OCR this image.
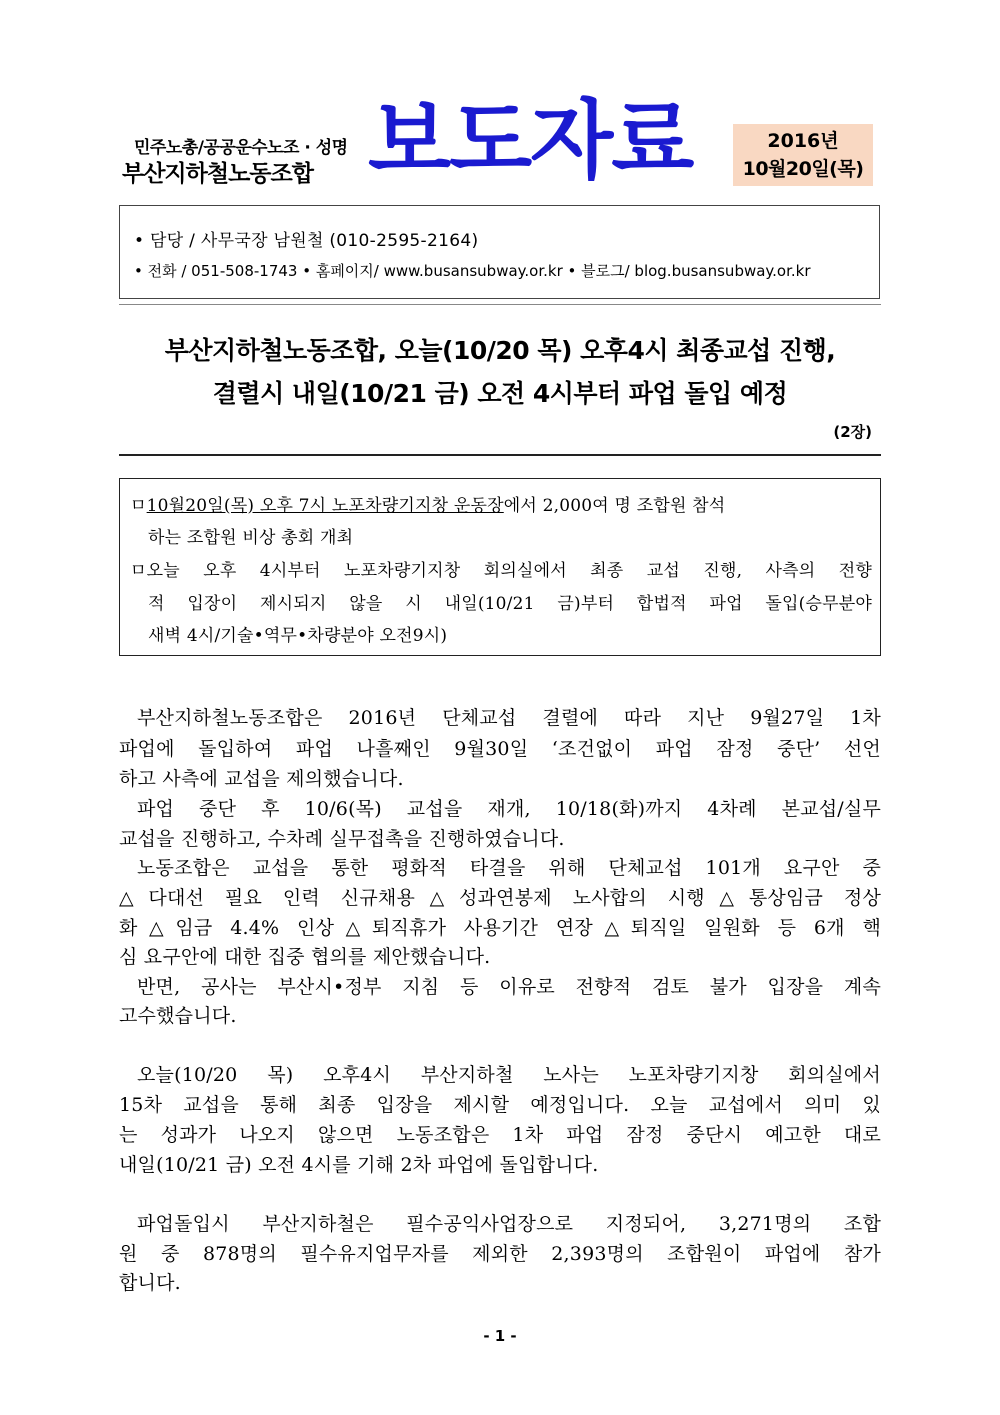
민주노총/공공운수노조 · 성명
부산지하철노동조합 보도자료	2016년
10월20일(목)
• 담당 / 사무국장 남원철 (010-2595-2164)
• 전화 / 051-508-1743 • 홈페이지/ www.busansubway.or.kr • 블로그/ blog.busansubway.or.kr
부산지하철노동조합, 오늘(10/20 목) 오후4시 최종교섭 진행,
결렬시 내일(10/21 금) 오전 4시부터 파업 돌입 예정
(2장)
ㅁ10월20일(목) 오후 7시 노포차량기지창 운동장에서 2,000여 명 조합원 참석
하는 조합원 비상 총회 개최
ㅁ오늘 오후 4시부터 노포차량기지창 회의실에서 최종 교섭 진행, 사측의 전향
적 입장이 제시되지 않을 시 내일(10/21 금)부터 합법적 파업 돌입(승무분야
새벽 4시/기술•역무•차량분야 오전9시)
부산지하철노동조합은 2016년 단체교섭 결렬에 따라 지난 9월27일 1차
파업에 돌입하여 파업 나흘째인 9월30일 ‘조건없이 파업 잠정 중단’ 선언
하고 사측에 교섭을 제의했습니다.
파업 중단 후 10/6(목) 교섭을 재개, 10/18(화)까지 4차례 본교섭/실무
교섭을 진행하고, 수차례 실무접촉을 진행하였습니다.
노동조합은 교섭을 통한 평화적 타결을 위해 단체교섭 101개 요구안 중
△다대선 필요 인력 신규채용△성과연봉제 노사합의 시행△통상임금 정상
화△임금 4.4% 인상△퇴직휴가 사용기간 연장△퇴직일 일원화 등 6개 핵
심 요구안에 대한 집중 협의를 제안했습니다.
반면, 공사는 부산시•정부 지침 등 이유로 전향적 검토 불가 입장을 계속
고수했습니다.
오늘(10/20 목) 오후4시 부산지하철 노사는 노포차량기지창 회의실에서
15차 교섭을 통해 최종 입장을 제시할 예정입니다. 오늘 교섭에서 의미 있
는 성과가 나오지 않으면 노동조합은 1차 파업 잠정 중단시 예고한 대로
내일(10/21 금) 오전 4시를 기해 2차 파업에 돌입합니다.
파업돌입시 부산지하철은 필수공익사업장으로 지정되어, 3,271명의 조합
원 중 878명의 필수유지업무자를 제외한 2,393명의 조합원이 파업에 참가
합니다.
- 1 -
